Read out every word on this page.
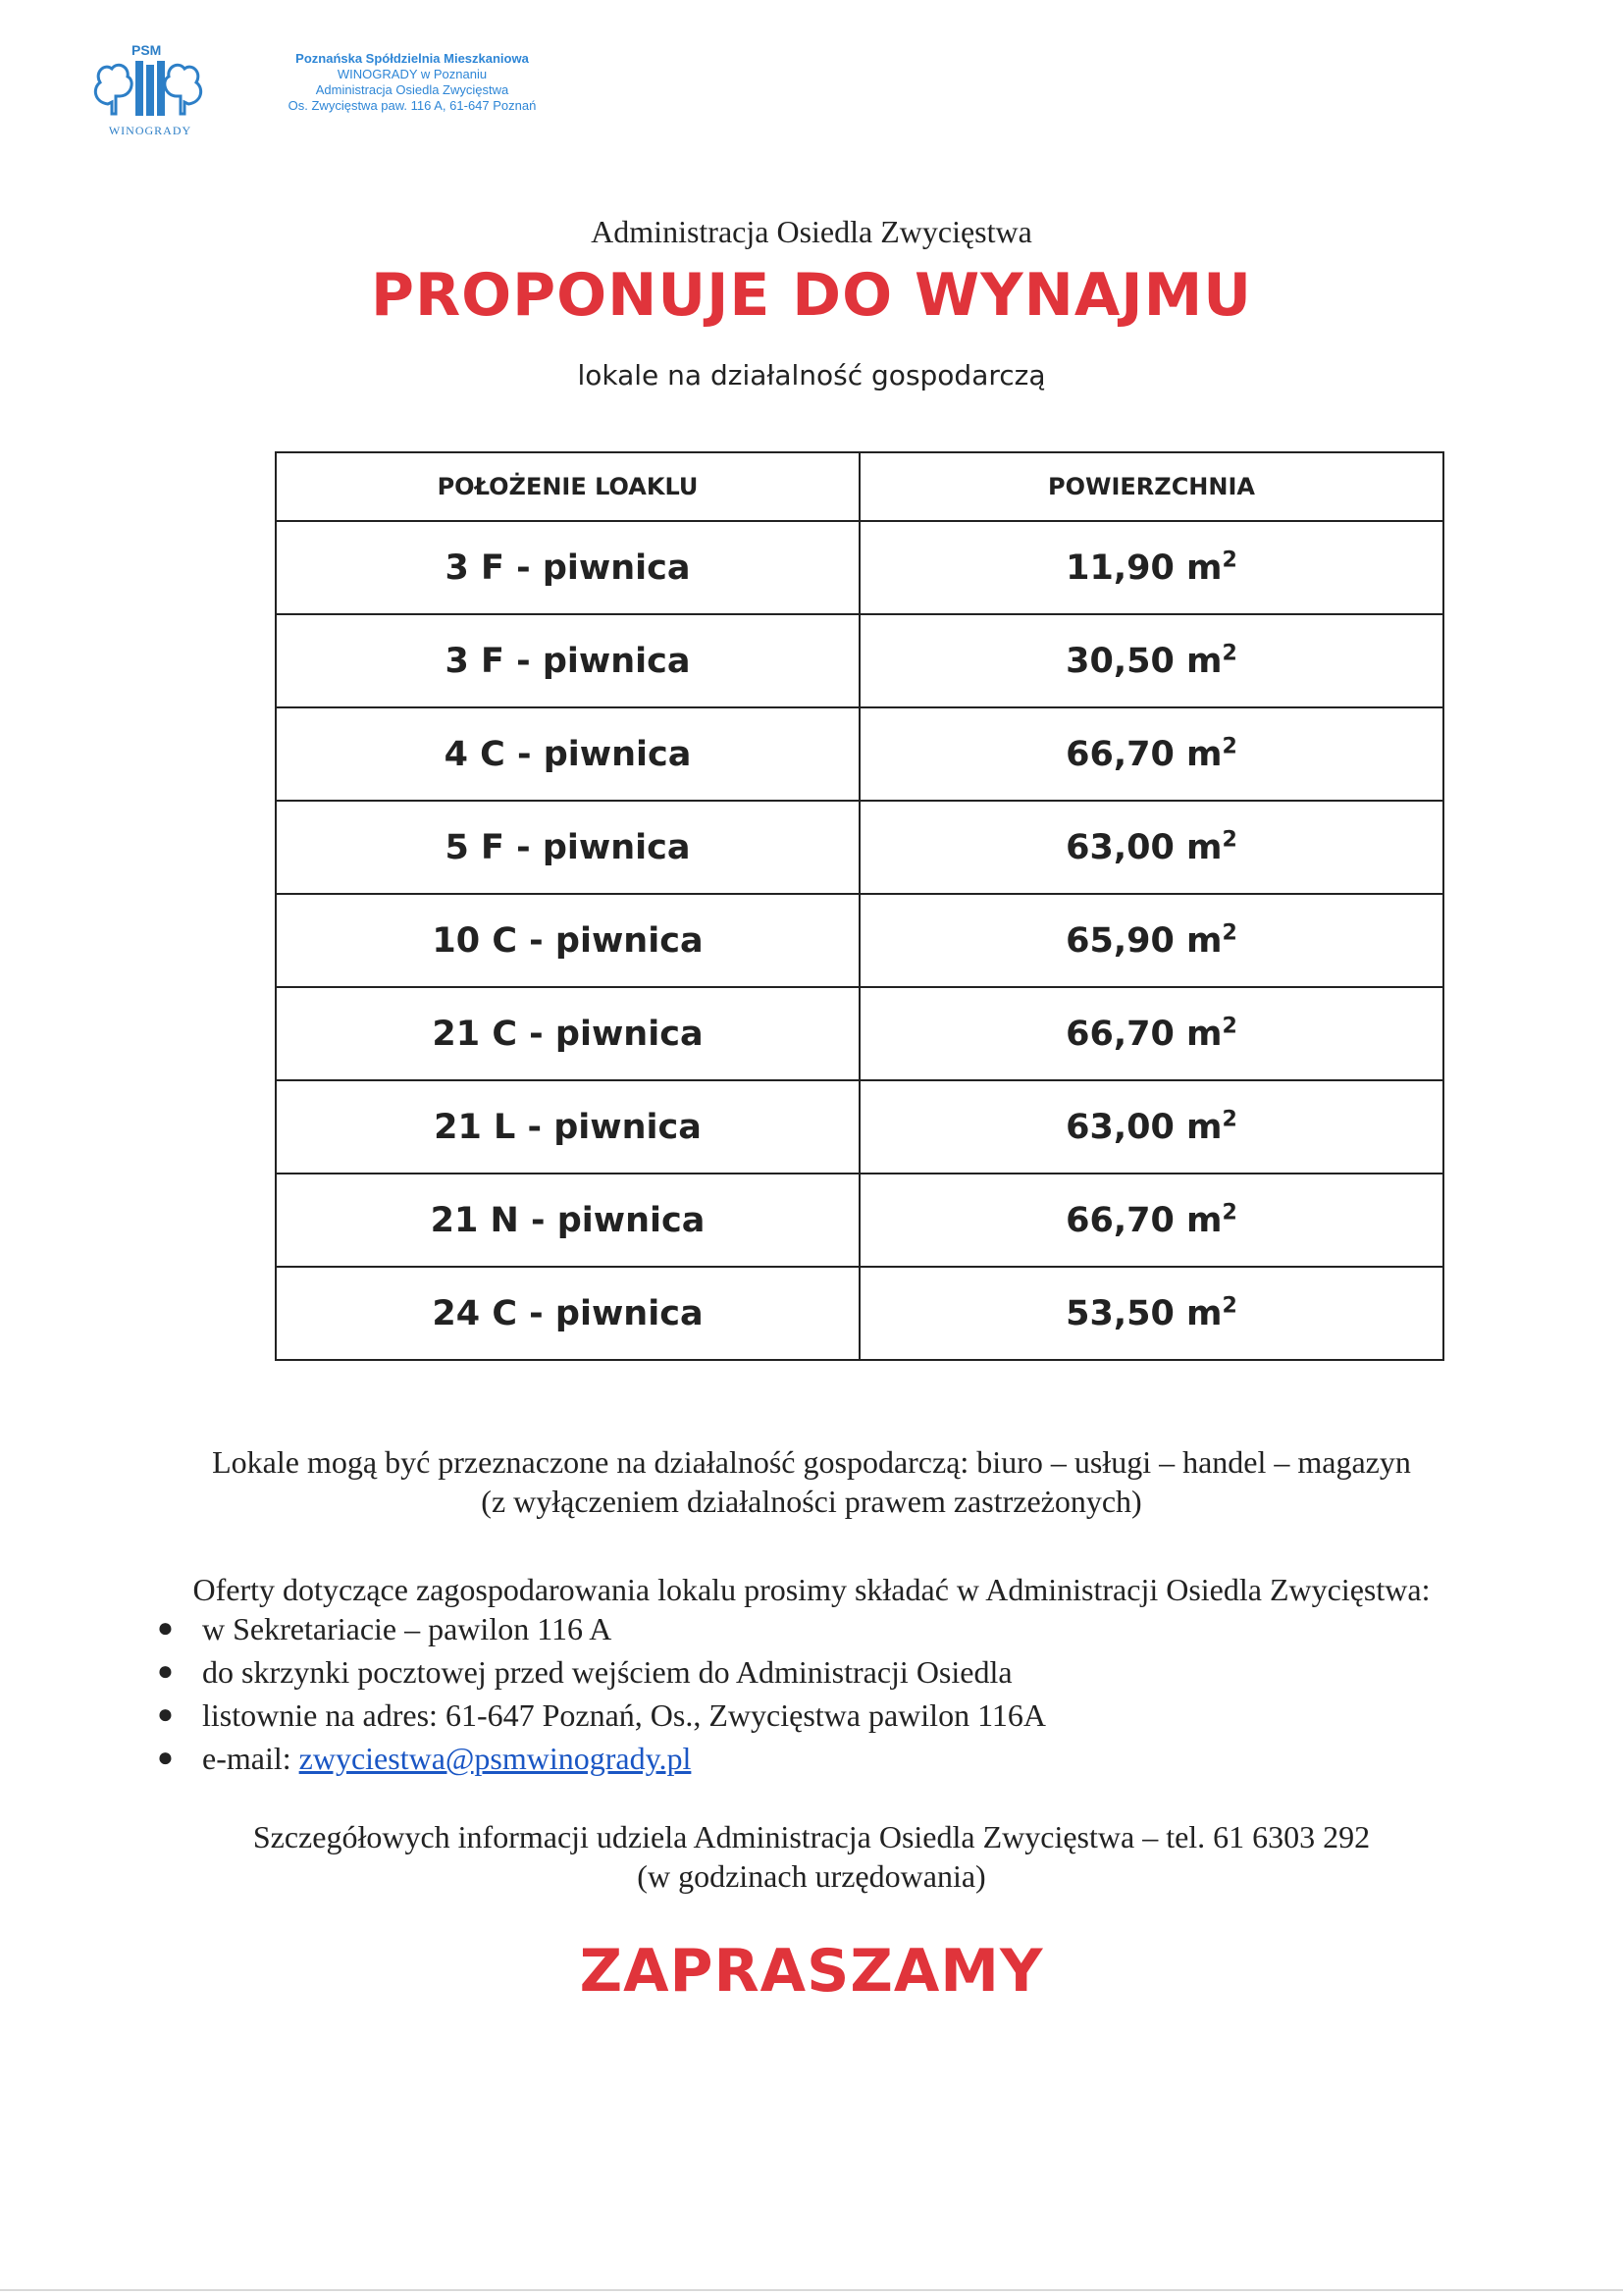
PSM
WINOGRADY
Poznańska Spółdzielnia Mieszkaniowa
WINOGRADY w Poznaniu
Administracja Osiedla Zwycięstwa
Os. Zwycięstwa paw. 116 A, 61-647 Poznań
Administracja Osiedla Zwycięstwa
PROPONUJE DO WYNAJMU
lokale na działalność gospodarczą
POŁOŻENIE LOAKLU	POWIERZCHNIA
3 F - piwnica	11,90 $m^2$
3 F - piwnica	30,50 $m^2$
4 C - piwnica	66,70 $m^2$
5 F - piwnica	63,00 $m^2$
10 C - piwnica	65,90 $m^2$
21 C - piwnica	66,70 $m^2$
21 L - piwnica	63,00 $m^2$
21 N - piwnica	66,70 $m^2$
24 C - piwnica	53,50 $m^2$
Lokale mogą być przeznaczone na działalność gospodarczą: biuro – usługi – handel – magazyn
(z wyłączeniem działalności prawem zastrzeżonych)
Oferty dotyczące zagospodarowania lokalu prosimy składać w Administracji Osiedla Zwycięstwa:
● w Sekretariacie – pawilon 116 A
● do skrzynki pocztowej przed wejściem do Administracji Osiedla
● listownie na adres: 61-647 Poznań, Os., Zwycięstwa pawilon 116A
● e-mail: zwyciestwa@psmwinogrady.pl
Szczegółowych informacji udziela Administracja Osiedla Zwycięstwa – tel. 61 6303 292
(w godzinach urzędowania)
ZAPRASZAMY
